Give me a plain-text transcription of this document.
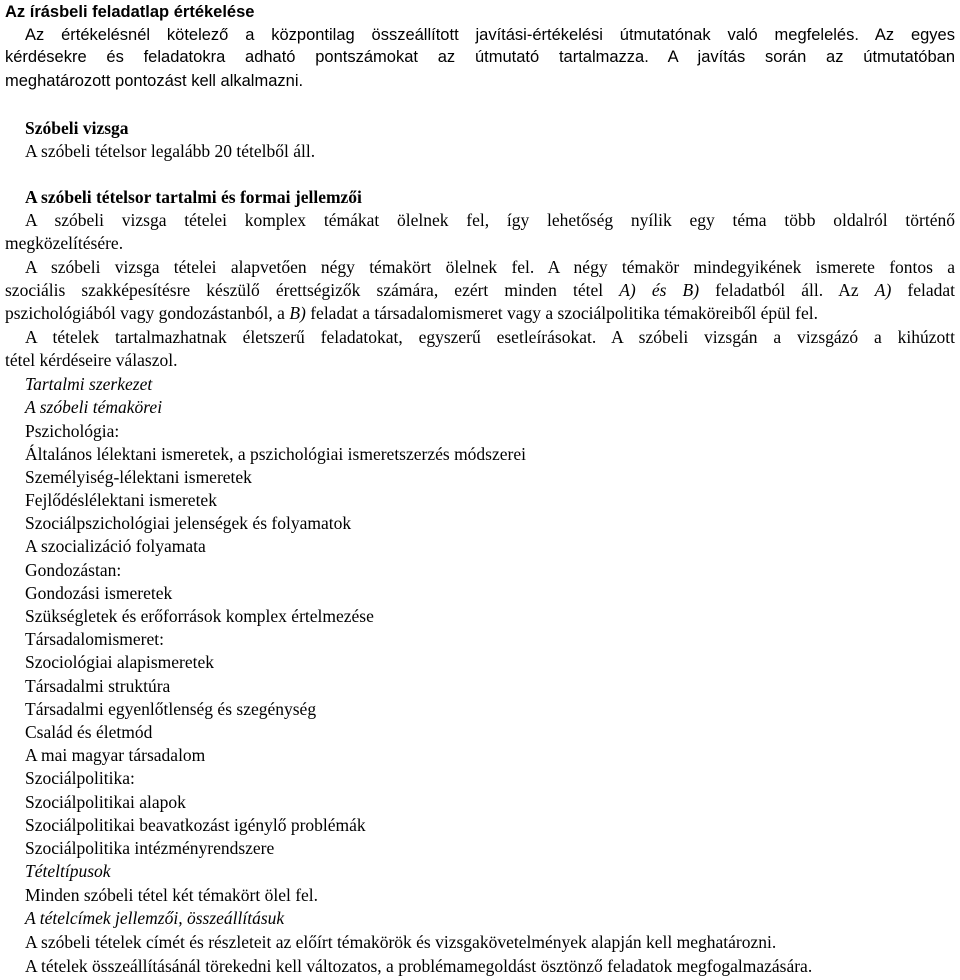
Az írásbeli feladatlap értékelése
Az értékelésnél kötelező a központilag összeállított javítási-értékelési útmutatónak való megfelelés. Az egyes
kérdésekre és feladatokra adható pontszámokat az útmutató tartalmazza. A javítás során az útmutatóban
meghatározott pontozást kell alkalmazni.
Szóbeli vizsga
A szóbeli tételsor legalább 20 tételből áll.
A szóbeli tételsor tartalmi és formai jellemzői
A szóbeli vizsga tételei komplex témákat ölelnek fel, így lehetőség nyílik egy téma több oldalról történő
megközelítésére.
A szóbeli vizsga tételei alapvetően négy témakört ölelnek fel. A négy témakör mindegyikének ismerete fontos a
szociális szakképesítésre készülő érettségizők számára, ezért minden tétel A) és B) feladatból áll. Az A) feladat
pszichológiából vagy gondozástanból, a B) feladat a társadalomismeret vagy a szociálpolitika témaköreiből épül fel.
A tételek tartalmazhatnak életszerű feladatokat, egyszerű esetleírásokat. A szóbeli vizsgán a vizsgázó a kihúzott
tétel kérdéseire válaszol.
Tartalmi szerkezet
A szóbeli témakörei
Pszichológia:
Általános lélektani ismeretek, a pszichológiai ismeretszerzés módszerei
Személyiség-lélektani ismeretek
Fejlődéslélektani ismeretek
Szociálpszichológiai jelenségek és folyamatok
A szocializáció folyamata
Gondozástan:
Gondozási ismeretek
Szükségletek és erőforrások komplex értelmezése
Társadalomismeret:
Szociológiai alapismeretek
Társadalmi struktúra
Társadalmi egyenlőtlenség és szegénység
Család és életmód
A mai magyar társadalom
Szociálpolitika:
Szociálpolitikai alapok
Szociálpolitikai beavatkozást igénylő problémák
Szociálpolitika intézményrendszere
Tételtípusok
Minden szóbeli tétel két témakört ölel fel.
A tételcímek jellemzői, összeállításuk
A szóbeli tételek címét és részleteit az előírt témakörök és vizsgakövetelmények alapján kell meghatározni.
A tételek összeállításánál törekedni kell változatos, a problémamegoldást ösztönző feladatok megfogalmazására.
